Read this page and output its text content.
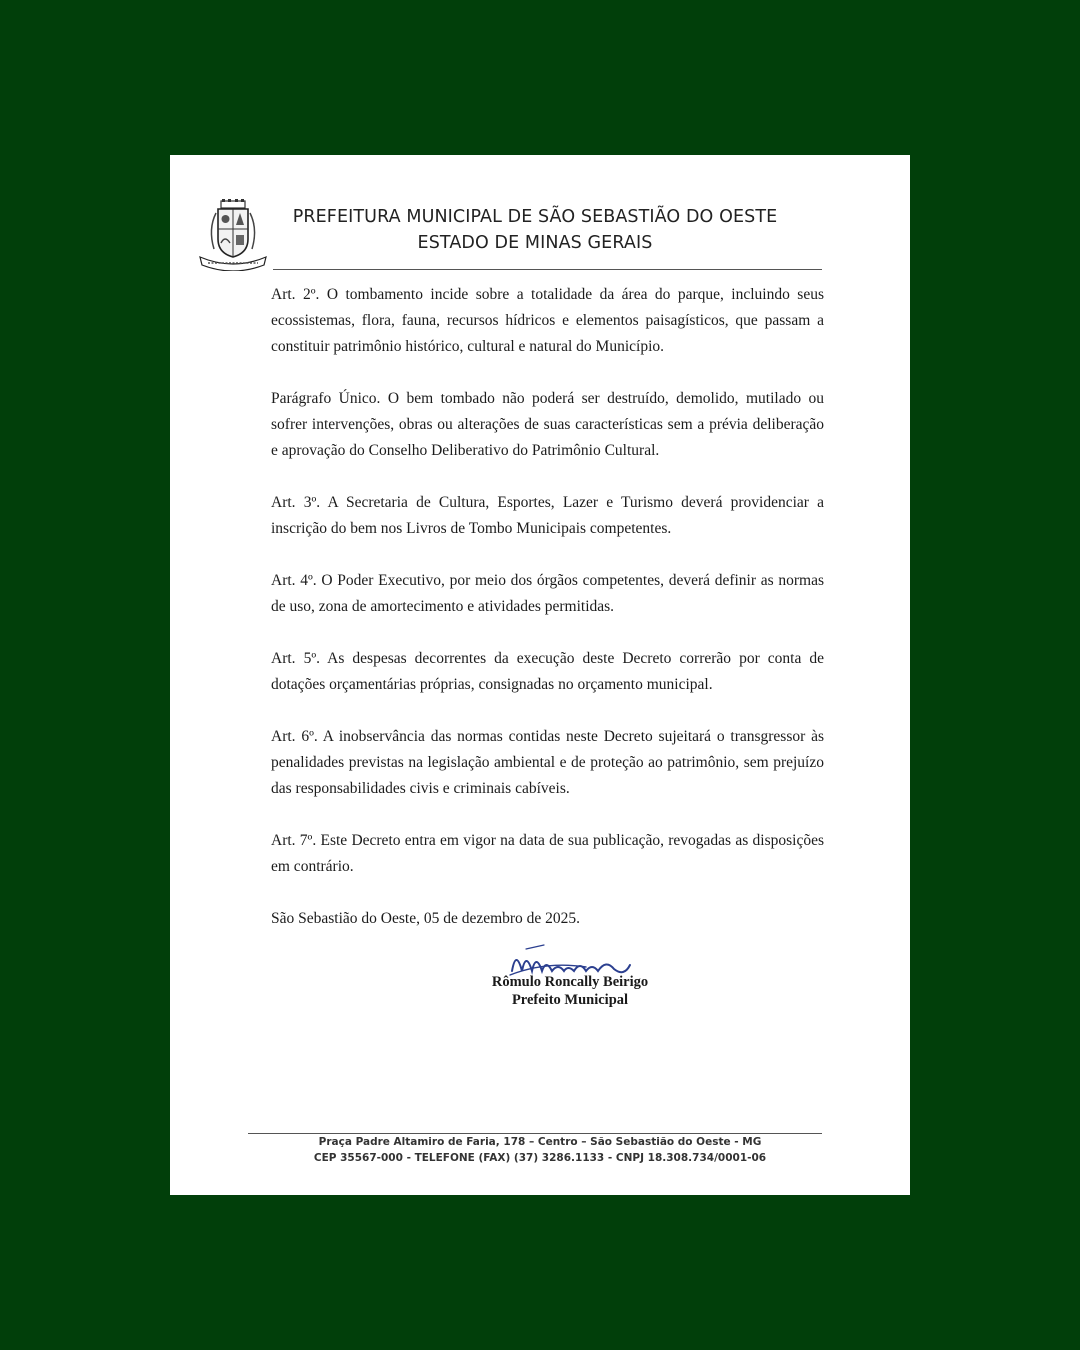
PREFEITURA MUNICIPAL DE SÃO SEBASTIÃO DO OESTE
ESTADO DE MINAS GERAIS

Art. 2º. O tombamento incide sobre a totalidade da área do parque, incluindo seus ecossistemas, flora, fauna, recursos hídricos e elementos paisagísticos, que passam a constituir patrimônio histórico, cultural e natural do Município.

Parágrafo Único. O bem tombado não poderá ser destruído, demolido, mutilado ou sofrer intervenções, obras ou alterações de suas características sem a prévia deliberação e aprovação do Conselho Deliberativo do Patrimônio Cultural.

Art. 3º. A Secretaria de Cultura, Esportes, Lazer e Turismo deverá providenciar a inscrição do bem nos Livros de Tombo Municipais competentes.

Art. 4º. O Poder Executivo, por meio dos órgãos competentes, deverá definir as normas de uso, zona de amortecimento e atividades permitidas.

Art. 5º. As despesas decorrentes da execução deste Decreto correrão por conta de dotações orçamentárias próprias, consignadas no orçamento municipal.

Art. 6º. A inobservância das normas contidas neste Decreto sujeitará o transgressor às penalidades previstas na legislação ambiental e de proteção ao patrimônio, sem prejuízo das responsabilidades civis e criminais cabíveis.

Art. 7º. Este Decreto entra em vigor na data de sua publicação, revogadas as disposições em contrário.

São Sebastião do Oeste, 05 de dezembro de 2025.

Rômulo Roncally Beirigo
Prefeito Municipal
Praça Padre Altamiro de Faria, 178 – Centro – São Sebastião do Oeste - MG
CEP 35567-000 - TELEFONE (FAX) (37) 3286.1133 - CNPJ 18.308.734/0001-06
